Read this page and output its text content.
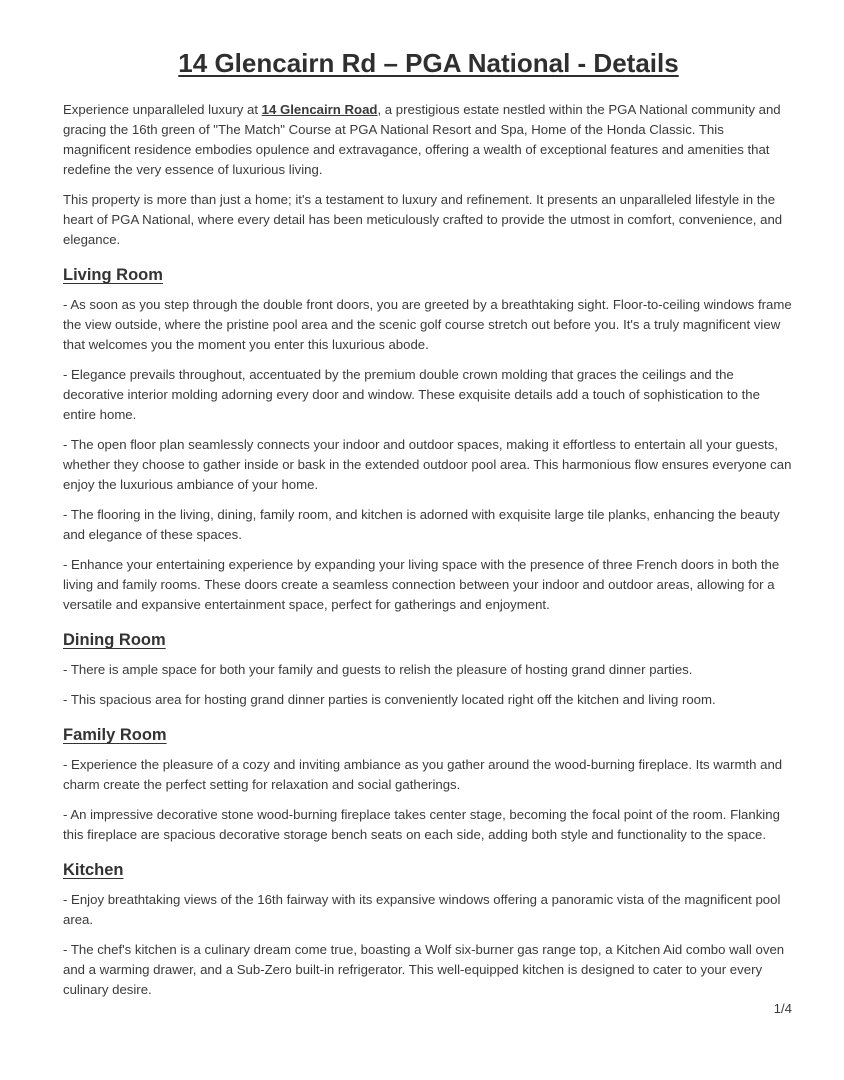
14 Glencairn Rd – PGA National - Details

Experience unparalleled luxury at 14 Glencairn Road, a prestigious estate nestled within the PGA National community and gracing the 16th green of "The Match" Course at PGA National Resort and Spa, Home of the Honda Classic. This magnificent residence embodies opulence and extravagance, offering a wealth of exceptional features and amenities that redefine the very essence of luxurious living.

This property is more than just a home; it's a testament to luxury and refinement. It presents an unparalleled lifestyle in the heart of PGA National, where every detail has been meticulously crafted to provide the utmost in comfort, convenience, and elegance.

Living Room

- As soon as you step through the double front doors, you are greeted by a breathtaking sight. Floor-to-ceiling windows frame the view outside, where the pristine pool area and the scenic golf course stretch out before you. It's a truly magnificent view that welcomes you the moment you enter this luxurious abode.

- Elegance prevails throughout, accentuated by the premium double crown molding that graces the ceilings and the decorative interior molding adorning every door and window. These exquisite details add a touch of sophistication to the entire home.

- The open floor plan seamlessly connects your indoor and outdoor spaces, making it effortless to entertain all your guests, whether they choose to gather inside or bask in the extended outdoor pool area. This harmonious flow ensures everyone can enjoy the luxurious ambiance of your home.

- The flooring in the living, dining, family room, and kitchen is adorned with exquisite large tile planks, enhancing the beauty and elegance of these spaces.

- Enhance your entertaining experience by expanding your living space with the presence of three French doors in both the living and family rooms. These doors create a seamless connection between your indoor and outdoor areas, allowing for a versatile and expansive entertainment space, perfect for gatherings and enjoyment.

Dining Room

- There is ample space for both your family and guests to relish the pleasure of hosting grand dinner parties.

- This spacious area for hosting grand dinner parties is conveniently located right off the kitchen and living room.

Family Room

- Experience the pleasure of a cozy and inviting ambiance as you gather around the wood-burning fireplace. Its warmth and charm create the perfect setting for relaxation and social gatherings.

- An impressive decorative stone wood-burning fireplace takes center stage, becoming the focal point of the room. Flanking this fireplace are spacious decorative storage bench seats on each side, adding both style and functionality to the space.

Kitchen

- Enjoy breathtaking views of the 16th fairway with its expansive windows offering a panoramic vista of the magnificent pool area.

- The chef's kitchen is a culinary dream come true, boasting a Wolf six-burner gas range top, a Kitchen Aid combo wall oven and a warming drawer, and a Sub-Zero built-in refrigerator. This well-equipped kitchen is designed to cater to your every culinary desire.

1/4
